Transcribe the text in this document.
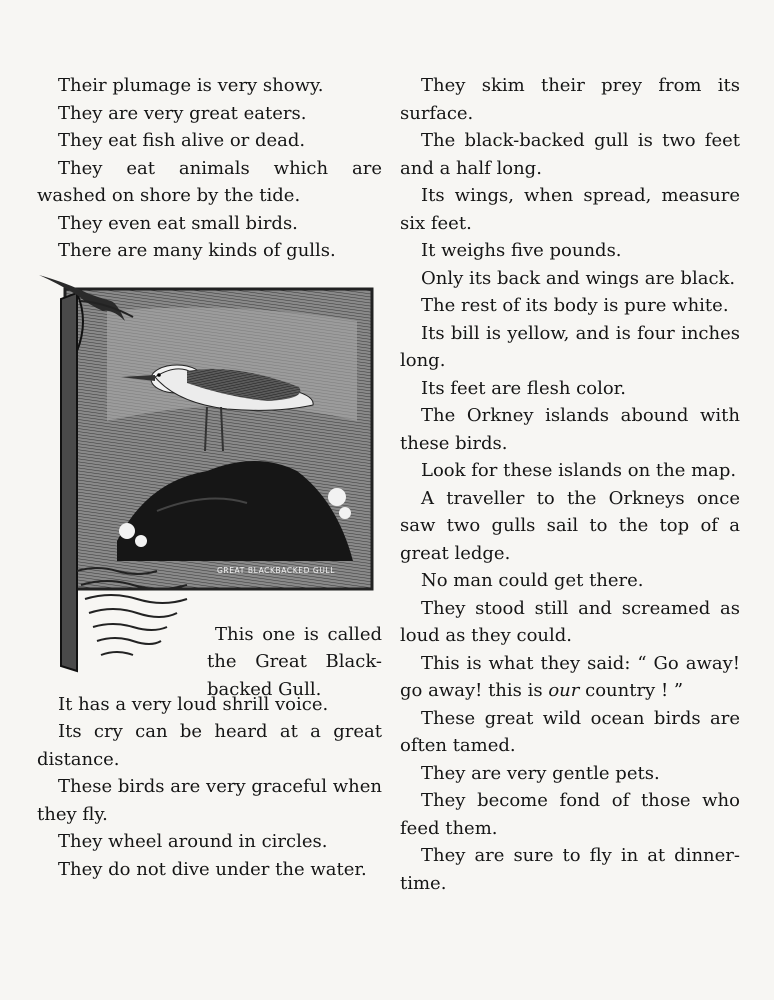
Their plumage is very showy.

They are very great eaters.

They eat fish alive or dead.

They eat animals which are washed on shore by the tide.

They even eat small birds.

There are many kinds of gulls.

GREAT BLACKBACKED GULL

This one is called the Great Black-backed Gull.

It has a very loud shrill voice.

Its cry can be heard at a great distance.

These birds are very graceful when they fly.

They wheel around in circles.

They do not dive under the water.

They skim their prey from its surface.

The black-backed gull is two feet and a half long.

Its wings, when spread, measure six feet.

It weighs five pounds.

Only its back and wings are black.

The rest of its body is pure white.

Its bill is yellow, and is four inches long.

Its feet are flesh color.

The Orkney islands abound with these birds.

Look for these islands on the map.

A traveller to the Orkneys once saw two gulls sail to the top of a great ledge.

No man could get there.

They stood still and screamed as loud as they could.

This is what they said: “ Go away! go away! this is our country ! ”

These great wild ocean birds are often tamed.

They are very gentle pets.

They become fond of those who feed them.

They are sure to fly in at dinner-time.
